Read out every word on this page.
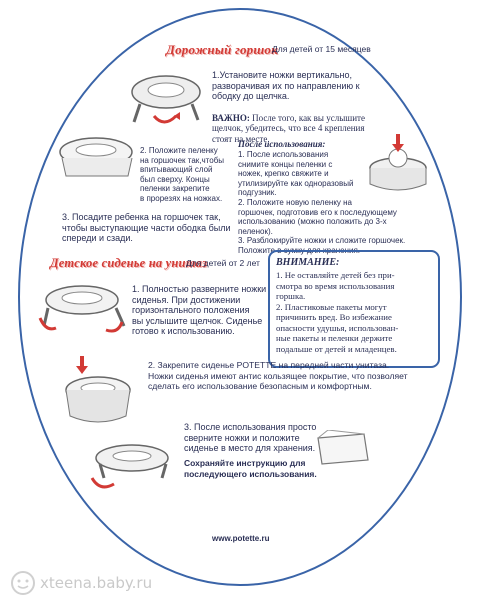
Дорожный горшок
Для детей от 15 месяцев
1.Установите ножки вертикально,
разворачивая их по направлению к
ободку до щелчка.

ВАЖНО: После того, как вы услышите
щелчок, убедитесь, что все 4 крепления
стоят на месте.

2. Положите пеленку
на горшочек так,чтобы
впитывающий слой
был сверху. Концы
пеленки закрепите
в прорезях на ножках.
После использования:
1. После использования
снимите концы пеленки с
ножек, крепко свяжите и
утилизируйте как одноразовый
подгузник.
2. Положите новую пеленку на
горшочек, подготовив его к последующему
использованию (можно положить до 3-х
пеленок).
3. Разблокируйте ножки и сложите горшочек.
Положите в сумку для хранения.
3. Посадите ребенка на горшочек так,
чтобы выступающие части ободка были
спереди и сзади.
Детское сиденье на унитаз
Для детей от 2 лет
1. Полностью разверните ножки
сиденья. При достижении
горизонтального положения
вы услышите щелчок. Сиденье
готово к использованию.
ВНИМАНИЕ:
1. Не оставляйте детей без при-
смотра во время использования
горшка.
2. Пластиковые пакеты могут
причинить вред. Во избежание
опасности удушья, использован-
ные пакеты и пеленки держите
подальше от детей и младенцев.
2. Закрепите сиденье POTETTE на передней части унитаза.
Ножки сиденья имеют антис кользящее покрытие, что позволяет
сделать его использование безопасным и комфортным.
3. После использования просто
сверните ножки и положите
сиденье в место для хранения.
Сохраняйте инструкцию для
последующего использования.
www.potette.ru
xteena.baby.ru
